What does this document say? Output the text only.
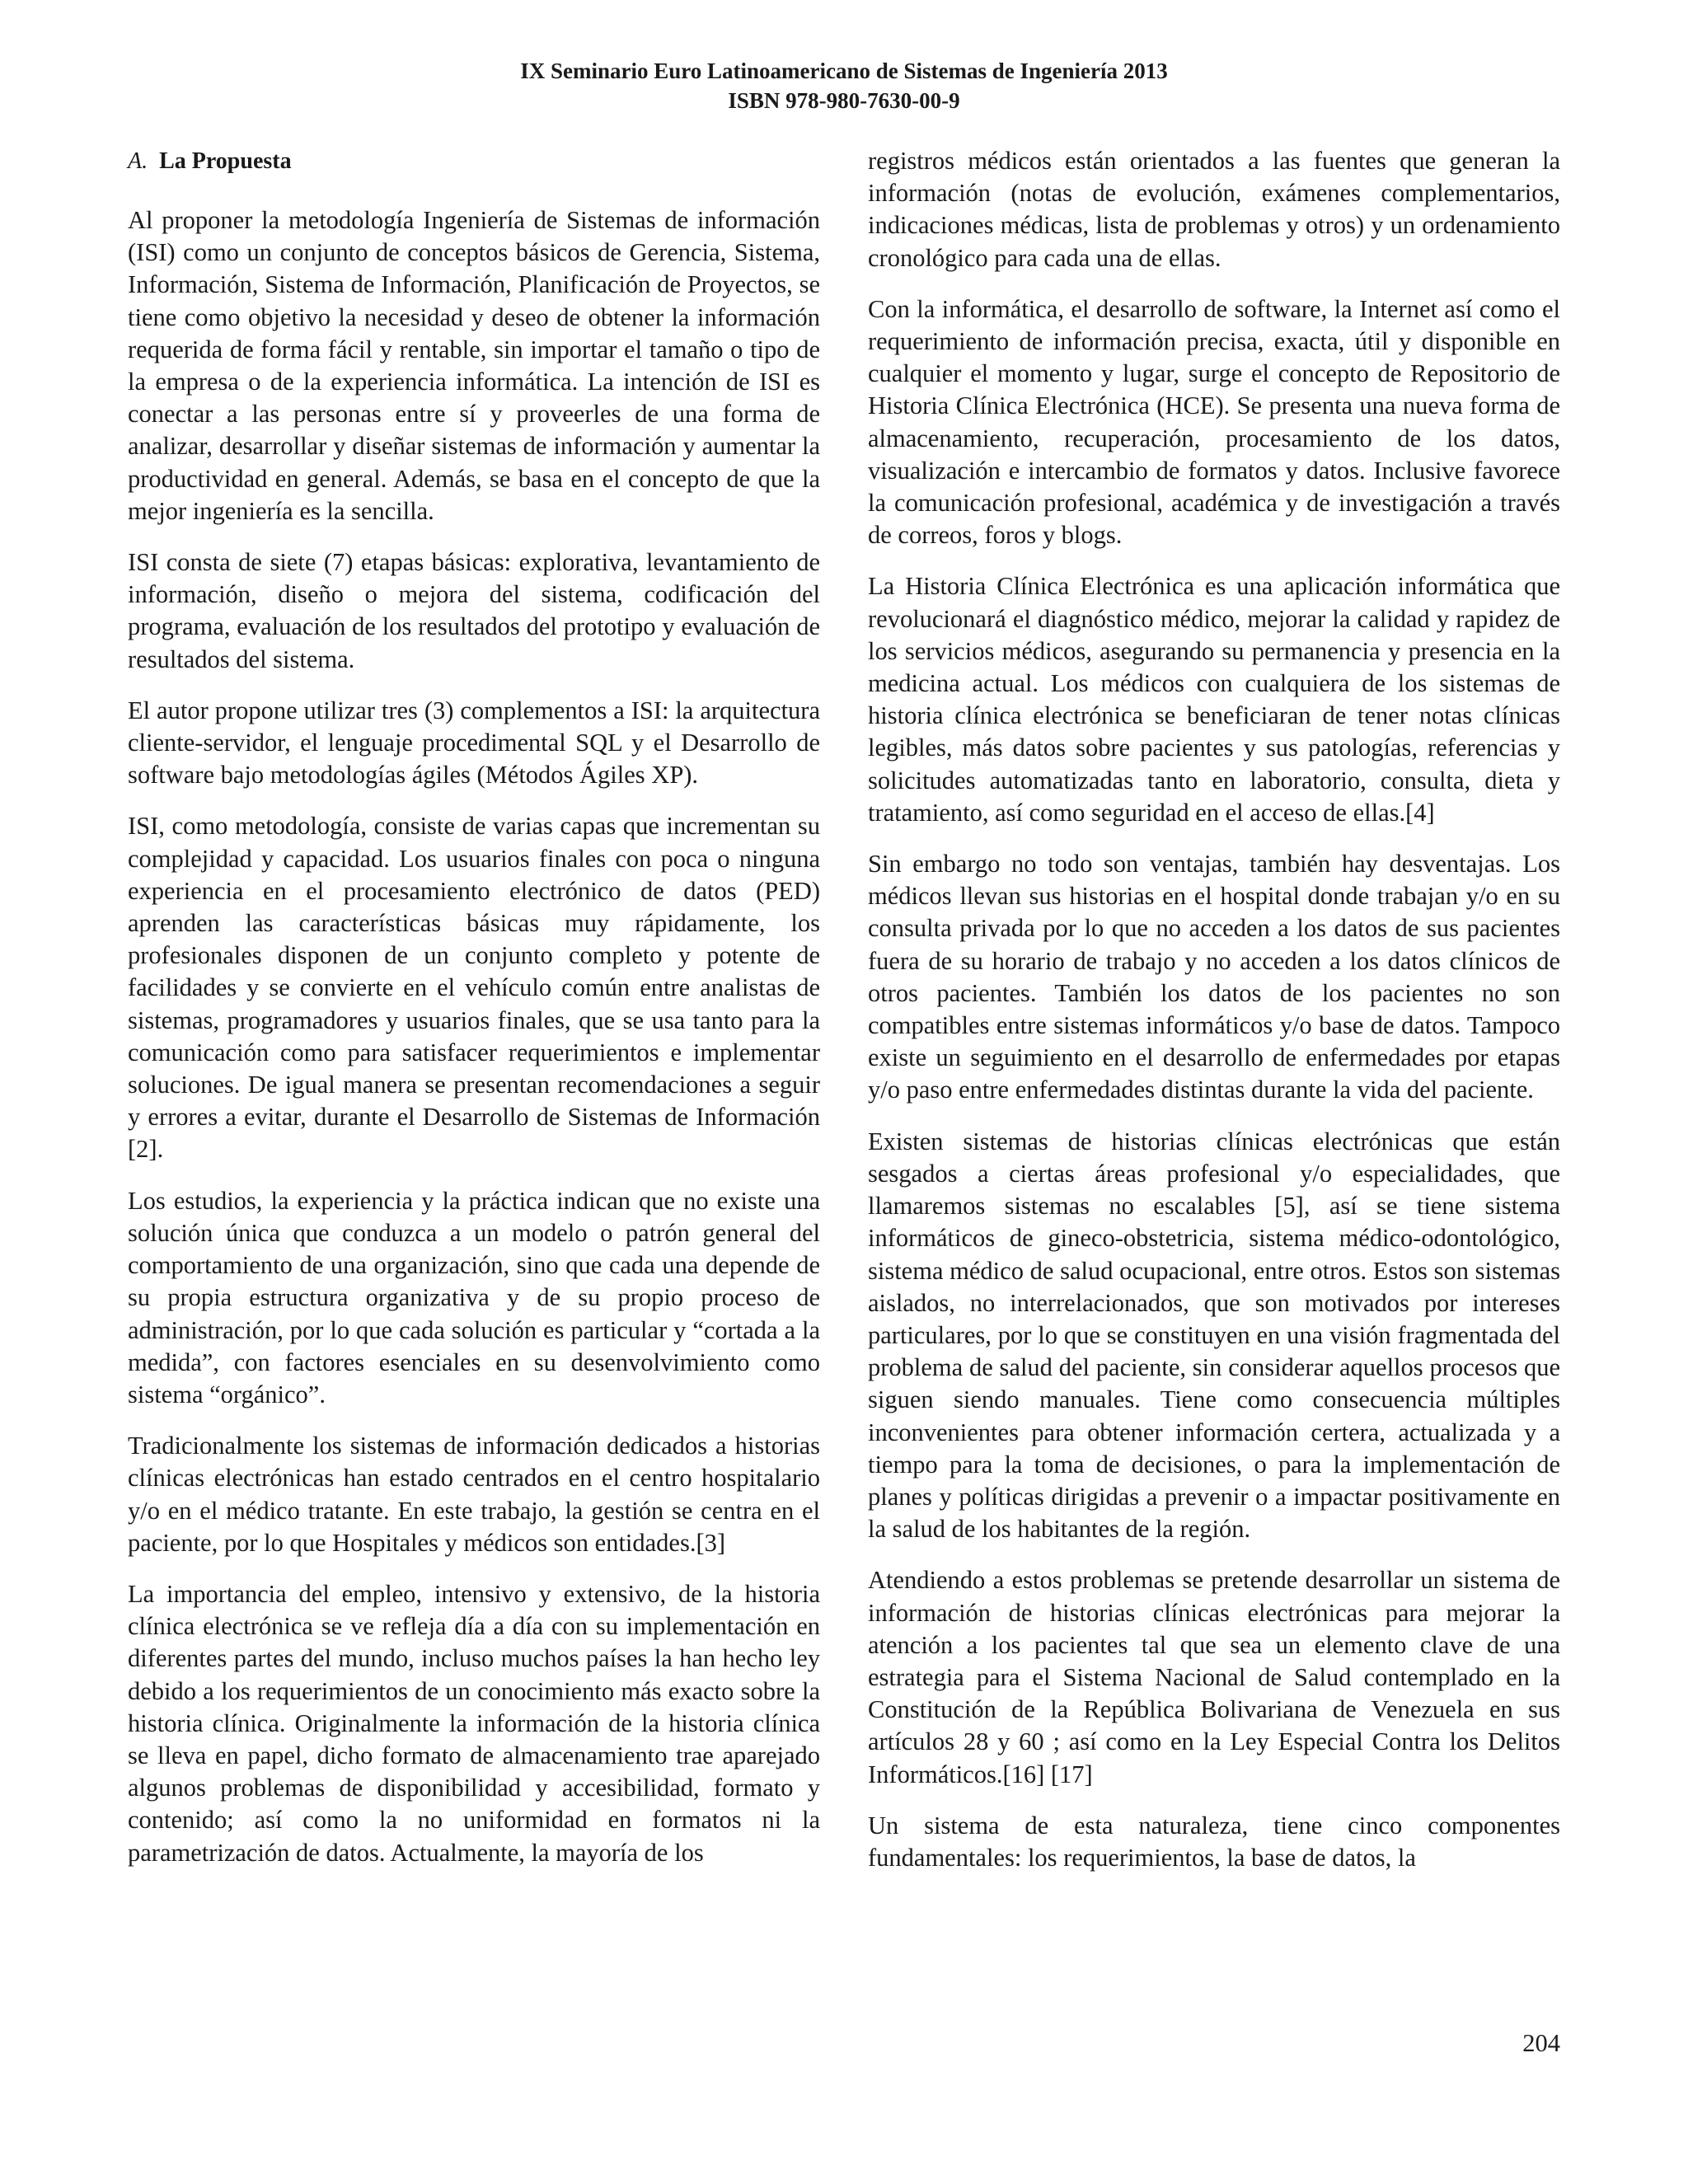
IX Seminario Euro Latinoamericano de Sistemas de Ingeniería 2013
ISBN 978-980-7630-00-9
A. La Propuesta

Al proponer la metodología Ingeniería de Sistemas de información (ISI) como un conjunto de conceptos básicos de Gerencia, Sistema, Información, Sistema de Información, Planificación de Proyectos, se tiene como objetivo la necesidad y deseo de obtener la información requerida de forma fácil y rentable, sin importar el tamaño o tipo de la empresa o de la experiencia informática. La intención de ISI es conectar a las personas entre sí y proveerles de una forma de analizar, desarrollar y diseñar sistemas de información y aumentar la productividad en general. Además, se basa en el concepto de que la mejor ingeniería es la sencilla.

ISI consta de siete (7) etapas básicas: explorativa, levantamiento de información, diseño o mejora del sistema, codificación del programa, evaluación de los resultados del prototipo y evaluación de resultados del sistema.

El autor propone utilizar tres (3) complementos a ISI: la arquitectura cliente-servidor, el lenguaje procedimental SQL y el Desarrollo de software bajo metodologías ágiles (Métodos Ágiles XP).

ISI, como metodología, consiste de varias capas que incrementan su complejidad y capacidad. Los usuarios finales con poca o ninguna experiencia en el procesamiento electrónico de datos (PED) aprenden las características básicas muy rápidamente, los profesionales disponen de un conjunto completo y potente de facilidades y se convierte en el vehículo común entre analistas de sistemas, programadores y usuarios finales, que se usa tanto para la comunicación como para satisfacer requerimientos e implementar soluciones. De igual manera se presentan recomendaciones a seguir y errores a evitar, durante el Desarrollo de Sistemas de Información [2].

Los estudios, la experiencia y la práctica indican que no existe una solución única que conduzca a un modelo o patrón general del comportamiento de una organización, sino que cada una depende de su propia estructura organizativa y de su propio proceso de administración, por lo que cada solución es particular y “cortada a la medida”, con factores esenciales en su desenvolvimiento como sistema “orgánico”.

Tradicionalmente los sistemas de información dedicados a historias clínicas electrónicas han estado centrados en el centro hospitalario y/o en el médico tratante. En este trabajo, la gestión se centra en el paciente, por lo que Hospitales y médicos son entidades.[3]

La importancia del empleo, intensivo y extensivo, de la historia clínica electrónica se ve refleja día a día con su implementación en diferentes partes del mundo, incluso muchos países la han hecho ley debido a los requerimientos de un conocimiento más exacto sobre la historia clínica. Originalmente la información de la historia clínica se lleva en papel, dicho formato de almacenamiento trae aparejado algunos problemas de disponibilidad y accesibilidad, formato y contenido; así como la no uniformidad en formatos ni la parametrización de datos. Actualmente, la mayoría de los

registros médicos están orientados a las fuentes que generan la información (notas de evolución, exámenes complementarios, indicaciones médicas, lista de problemas y otros) y un ordenamiento cronológico para cada una de ellas.

Con la informática, el desarrollo de software, la Internet así como el requerimiento de información precisa, exacta, útil y disponible en cualquier el momento y lugar, surge el concepto de Repositorio de Historia Clínica Electrónica (HCE). Se presenta una nueva forma de almacenamiento, recuperación, procesamiento de los datos, visualización e intercambio de formatos y datos. Inclusive favorece la comunicación profesional, académica y de investigación a través de correos, foros y blogs.

La Historia Clínica Electrónica es una aplicación informática que revolucionará el diagnóstico médico, mejorar la calidad y rapidez de los servicios médicos, asegurando su permanencia y presencia en la medicina actual. Los médicos con cualquiera de los sistemas de historia clínica electrónica se beneficiaran de tener notas clínicas legibles, más datos sobre pacientes y sus patologías, referencias y solicitudes automatizadas tanto en laboratorio, consulta, dieta y tratamiento, así como seguridad en el acceso de ellas.[4]

Sin embargo no todo son ventajas, también hay desventajas. Los médicos llevan sus historias en el hospital donde trabajan y/o en su consulta privada por lo que no acceden a los datos de sus pacientes fuera de su horario de trabajo y no acceden a los datos clínicos de otros pacientes. También los datos de los pacientes no son compatibles entre sistemas informáticos y/o base de datos. Tampoco existe un seguimiento en el desarrollo de enfermedades por etapas y/o paso entre enfermedades distintas durante la vida del paciente.

Existen sistemas de historias clínicas electrónicas que están sesgados a ciertas áreas profesional y/o especialidades, que llamaremos sistemas no escalables [5], así se tiene sistema informáticos de gineco-obstetricia, sistema médico-odontológico, sistema médico de salud ocupacional, entre otros. Estos son sistemas aislados, no interrelacionados, que son motivados por intereses particulares, por lo que se constituyen en una visión fragmentada del problema de salud del paciente, sin considerar aquellos procesos que siguen siendo manuales. Tiene como consecuencia múltiples inconvenientes para obtener información certera, actualizada y a tiempo para la toma de decisiones, o para la implementación de planes y políticas dirigidas a prevenir o a impactar positivamente en la salud de los habitantes de la región.

Atendiendo a estos problemas se pretende desarrollar un sistema de información de historias clínicas electrónicas para mejorar la atención a los pacientes tal que sea un elemento clave de una estrategia para el Sistema Nacional de Salud contemplado en la Constitución de la República Bolivariana de Venezuela en sus artículos 28 y 60 ; así como en la Ley Especial Contra los Delitos Informáticos.[16] [17]

Un sistema de esta naturaleza, tiene cinco componentes fundamentales: los requerimientos, la base de datos, la

204
